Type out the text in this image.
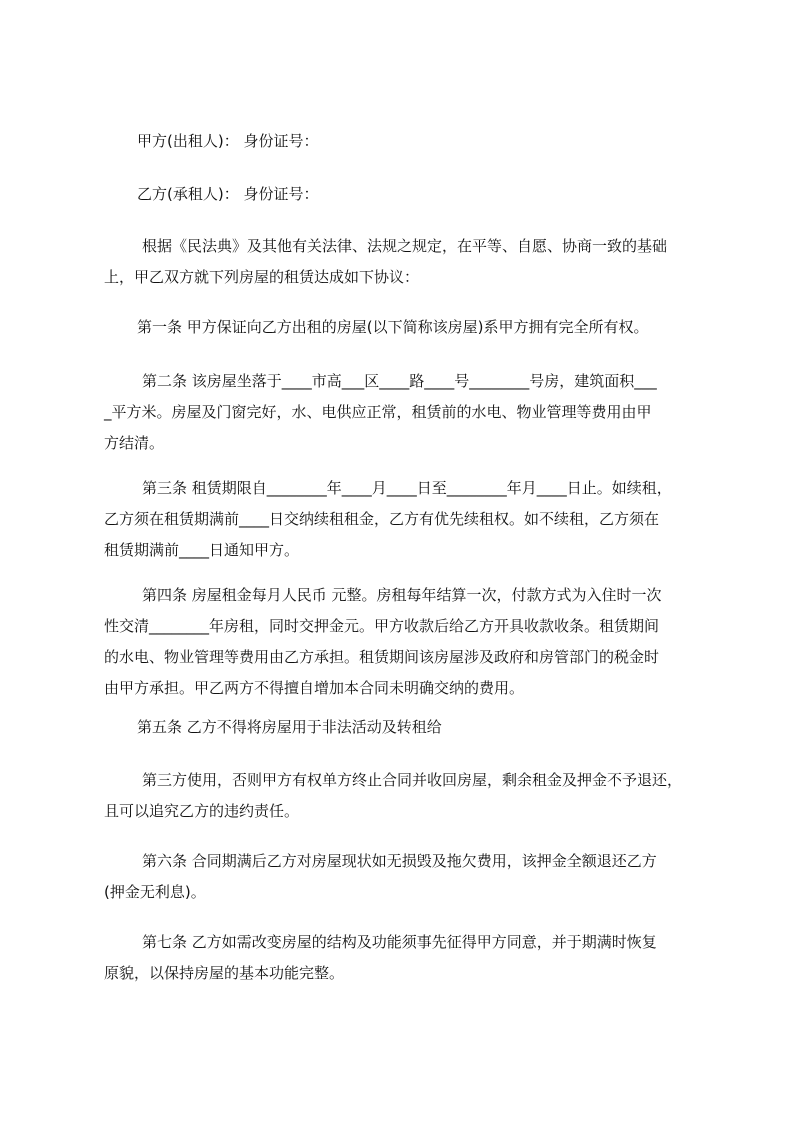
甲方(出租人)： 身份证号：

乙方(承租人)： 身份证号：

根据《民法典》及其他有关法律、法规之规定，在平等、自愿、协商一致的基础
上，甲乙双方就下列房屋的租赁达成如下协议：

第一条 甲方保证向乙方出租的房屋(以下简称该房屋)系甲方拥有完全所有权。

第二条 该房屋坐落于____市高___区____路____号________号房，建筑面积___
_平方米。房屋及门窗完好，水、电供应正常，租赁前的水电、物业管理等费用由甲
方结清。

第三条 租赁期限自________年____月____日至________年月____日止。如续租，
乙方须在租赁期满前____日交纳续租租金，乙方有优先续租权。如不续租，乙方须在
租赁期满前____日通知甲方。

第四条 房屋租金每月人民币 元整。房租每年结算一次，付款方式为入住时一次
性交清________年房租，同时交押金元。甲方收款后给乙方开具收款收条。租赁期间
的水电、物业管理等费用由乙方承担。租赁期间该房屋涉及政府和房管部门的税金时
由甲方承担。甲乙两方不得擅自增加本合同未明确交纳的费用。

第五条 乙方不得将房屋用于非法活动及转租给

第三方使用，否则甲方有权单方终止合同并收回房屋，剩余租金及押金不予退还，
且可以追究乙方的违约责任。

第六条 合同期满后乙方对房屋现状如无损毁及拖欠费用，该押金全额退还乙方
(押金无利息)。

第七条 乙方如需改变房屋的结构及功能须事先征得甲方同意，并于期满时恢复
原貌，以保持房屋的基本功能完整。
